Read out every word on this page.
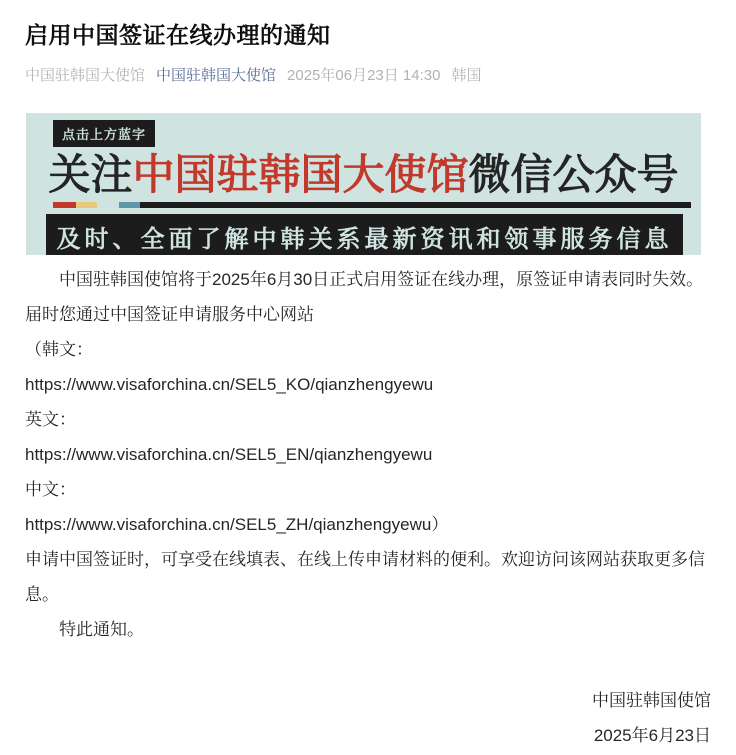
启用中国签证在线办理的通知
中国驻韩国大使馆 中国驻韩国大使馆 2025年06月23日 14:30 韩国
点击上方蓝字
关注中国驻韩国大使馆微信公众号
及时、全面了解中韩关系最新资讯和领事服务信息

中国驻韩国使馆将于2025年6月30日正式启用签证在线办理，原签证申请表同时失效。届时您通过中国签证申请服务中心网站

（韩文：

https://www.visaforchina.cn/SEL5_KO/qianzhengyewu

英文：

https://www.visaforchina.cn/SEL5_EN/qianzhengyewu

中文：

https://www.visaforchina.cn/SEL5_ZH/qianzhengyewu）

申请中国签证时，可享受在线填表、在线上传申请材料的便利。欢迎访问该网站获取更多信息。

特此通知。

中国驻韩国使馆
2025年6月23日
